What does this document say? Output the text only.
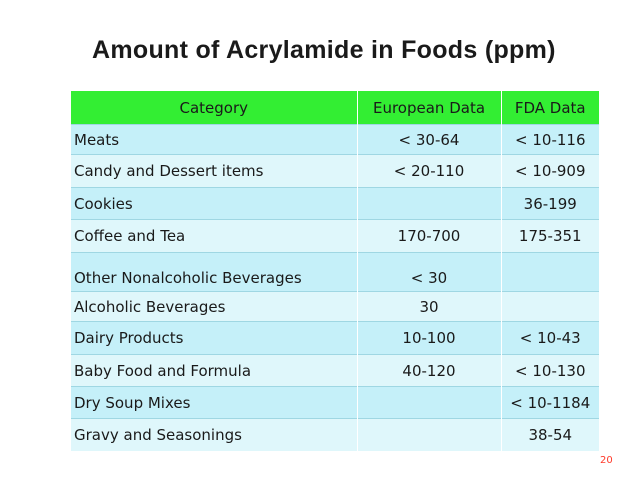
Amount of Acrylamide in Foods (ppm)
Category	European Data	FDA Data
Meats	< 30-64	< 10-116
Candy and Dessert items	< 20-110	< 10-909
Cookies		36-199
Coffee and Tea	170-700	175-351
Other Nonalcoholic Beverages	< 30	
Alcoholic Beverages	30	
Dairy Products	10-100	< 10-43
Baby Food and Formula	40-120	< 10-130
Dry Soup Mixes		< 10-1184
Gravy and Seasonings		38-54
20
